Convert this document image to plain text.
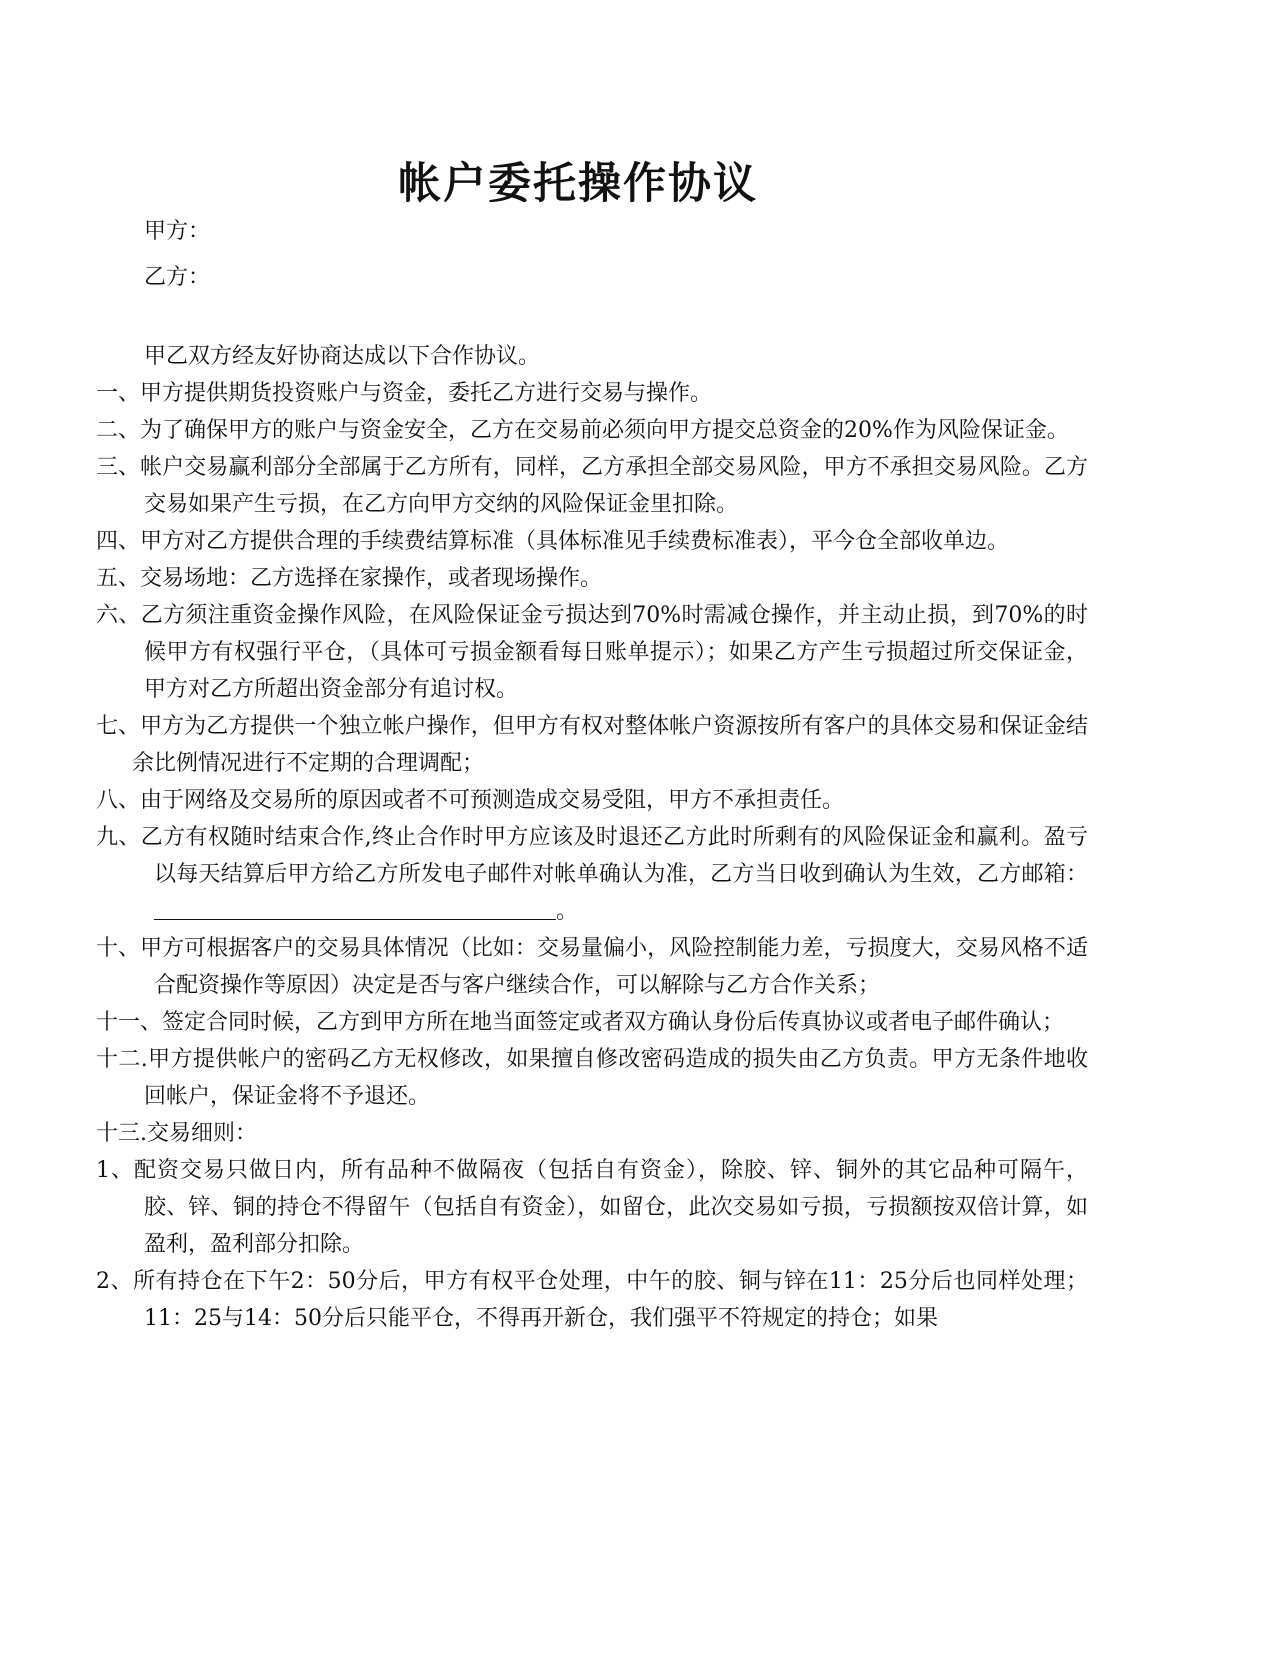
帐户委托操作协议

甲方：

乙方：

甲乙双方经友好协商达成以下合作协议。

一、甲方提供期货投资账户与资金，委托乙方进行交易与操作。

二、为了确保甲方的账户与资金安全，乙方在交易前必须向甲方提交总资金的20%作为风险保证金。

三、帐户交易赢利部分全部属于乙方所有，同样，乙方承担全部交易风险，甲方不承担交易风险。乙方交易如果产生亏损，在乙方向甲方交纳的风险保证金里扣除。

四、甲方对乙方提供合理的手续费结算标准（具体标准见手续费标准表），平今仓全部收单边。

五、交易场地：乙方选择在家操作，或者现场操作。

六、乙方须注重资金操作风险，在风险保证金亏损达到70%时需减仓操作，并主动止损，到70%的时候甲方有权强行平仓，（具体可亏损金额看每日账单提示）；如果乙方产生亏损超过所交保证金，甲方对乙方所超出资金部分有追讨权。

七、甲方为乙方提供一个独立帐户操作，但甲方有权对整体帐户资源按所有客户的具体交易和保证金结余比例情况进行不定期的合理调配；

八、由于网络及交易所的原因或者不可预测造成交易受阻，甲方不承担责任。

九、乙方有权随时结束合作,终止合作时甲方应该及时退还乙方此时所剩有的风险保证金和赢利。盈亏以每天结算后甲方给乙方所发电子邮件对帐单确认为准，乙方当日收到确认为生效，乙方邮箱：。

十、甲方可根据客户的交易具体情况（比如：交易量偏小，风险控制能力差，亏损度大，交易风格不适合配资操作等原因）决定是否与客户继续合作，可以解除与乙方合作关系；

十一、签定合同时候，乙方到甲方所在地当面签定或者双方确认身份后传真协议或者电子邮件确认；

十二.甲方提供帐户的密码乙方无权修改，如果擅自修改密码造成的损失由乙方负责。甲方无条件地收回帐户，保证金将不予退还。

十三.交易细则：

1、配资交易只做日内，所有品种不做隔夜（包括自有资金），除胶、锌、铜外的其它品种可隔午，胶、锌、铜的持仓不得留午（包括自有资金），如留仓，此次交易如亏损，亏损额按双倍计算，如盈利，盈利部分扣除。

2、所有持仓在下午2：50分后，甲方有权平仓处理，中午的胶、铜与锌在11：25分后也同样处理；11：25与14：50分后只能平仓，不得再开新仓，我们强平不符规定的持仓；如果
